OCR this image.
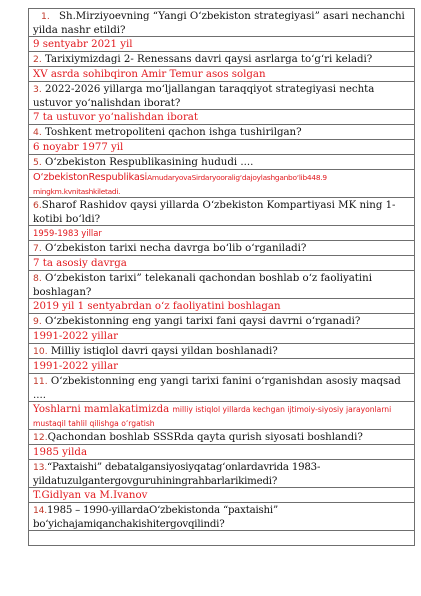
1. Sh.Mirziyoevning “Yangi O‘zbekiston strategiyasi” asari nechanchi yilda nashr etildi?
9 sentyabr 2021 yil
2. Tarixiymizdagi 2- Renessans davri qaysi asrlarga to‘g‘ri keladi?
XV asrda sohibqiron Amir Temur asos solgan
3. 2022-2026 yillarga mo‘ljallangan taraqqiyot strategiyasi nechta ustuvor yo‘nalishdan iborat?
7 ta ustuvor yo‘nalishdan iborat
4. Toshkent metropoliteni qachon ishga tushirilgan?
6 noyabr 1977 yil
5. O‘zbekiston Respublikasining hududi ....
O‘zbekistonRespublikasiAmudaryovaSirdaryooralig‘dajoylashganbo‘lib448.9 mingkm.kvnitashkiletadi.
6.Sharof Rashidov qaysi yillarda O‘zbekiston Kompartiyasi MK ning 1-kotibi bo‘ldi?
1959-1983 yillar
7. O‘zbekiston tarixi necha davrga bo‘lib o‘rganiladi?
7 ta asosiy davrga
8. O‘zbekiston tarixi” telekanali qachondan boshlab o‘z faoliyatini boshlagan?
2019 yil 1 sentyabrdan o‘z faoliyatini boshlagan
9. O‘zbekistonning eng yangi tarixi fani qaysi davrni o‘rganadi?
1991-2022 yillar
10. Milliy istiqlol davri qaysi yildan boshlanadi?
1991-2022 yillar
11. O‘zbekistonning eng yangi tarixi fanini o‘rganishdan asosiy maqsad ....
Yoshlarni mamlakatimizda milliy istiqlol yillarda kechgan ijtimoiy-siyosiy jarayonlarni mustaqil tahlil qilishga o‘rgatish
12.Qachondan boshlab SSSRda qayta qurish siyosati boshlandi?
1985 yilda
13.“Paxtaishi” debatalgansiyosiyqatag‘onlardavrida 1983-yildatuzulgantergovguruhiningrahbarlarikimedi?
T.Gidlyan va M.Ivanov
14.1985 – 1990-yillardaO‘zbekistonda “paxtaishi” bo‘yichajamiqanchakishitergovqilindi?
